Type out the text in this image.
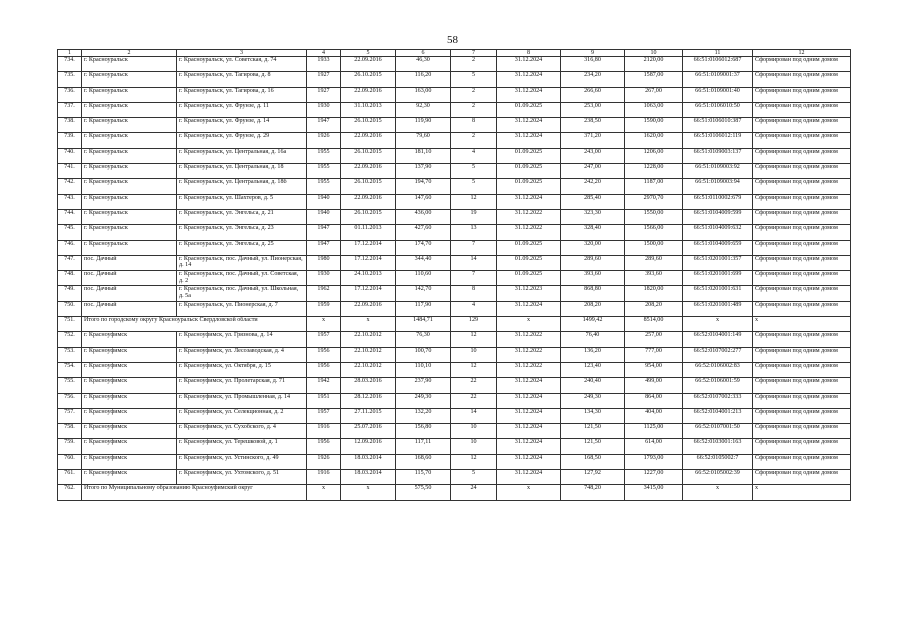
58
1	2	3	4	5	6	7	8	9	10	11	12
734.	г. Красноуральск	г. Красноуральск, ул. Советская, д. 74	1933	22.09.2016	46,30	2	31.12.2024	316,80	2120,00	66:51:0106012:687	Сформирован под одним домом
735.	г. Красноуральск	г. Красноуральск, ул. Тагирова, д. 8	1927	26.10.2015	116,20	5	31.12.2024	234,20	1587,00	66:51:0109001:37	Сформирован под одним домом
736.	г. Красноуральск	г. Красноуральск, ул. Тагирова, д. 16	1927	22.09.2016	163,00	2	31.12.2024	266,60	267,00	66:51:0109001:40	Сформирован под одним домом
737.	г. Красноуральск	г. Красноуральск, ул. Фрунзе, д. 11	1930	31.10.2013	92,30	2	01.09.2025	253,00	1063,00	66:51:0106010:50	Сформирован под одним домом
738.	г. Красноуральск	г. Красноуральск, ул. Фрунзе, д. 14	1947	26.10.2015	119,90	8	31.12.2024	238,50	1590,00	66:51:0106010:387	Сформирован под одним домом
739.	г. Красноуральск	г. Красноуральск, ул. Фрунзе, д. 29	1926	22.09.2016	79,60	2	31.12.2024	371,20	1620,00	66:51:0106012:119	Сформирован под одним домом
740.	г. Красноуральск	г. Красноуральск, ул. Центральная, д. 16а	1955	26.10.2015	181,10	4	01.09.2025	243,00	1206,00	66:51:0109003:137	Сформирован под одним домом
741.	г. Красноуральск	г. Красноуральск, ул. Центральная, д. 18	1955	22.09.2016	137,90	5	01.09.2025	247,00	1228,00	66:51:0109003:92	Сформирован под одним домом
742.	г. Красноуральск	г. Красноуральск, ул. Центральная, д. 18б	1955	26.10.2015	194,70	5	01.09.2025	242,20	1187,00	66:51:0109003:94	Сформирован под одним домом
743.	г. Красноуральск	г. Красноуральск, ул. Шахтеров, д. 5	1940	22.09.2016	147,60	12	31.12.2024	285,40	2970,70	66:51:0110002:679	Сформирован под одним домом
744.	г. Красноуральск	г. Красноуральск, ул. Энгельса, д. 21	1940	26.10.2015	436,00	19	31.12.2022	323,30	1550,00	66:51:0104009:599	Сформирован под одним домом
745.	г. Красноуральск	г. Красноуральск, ул. Энгельса, д. 23	1947	01.11.2013	427,60	13	31.12.2022	328,40	1566,00	66:51:0104009:632	Сформирован под одним домом
746.	г. Красноуральск	г. Красноуральск, ул. Энгельса, д. 25	1947	17.12.2014	174,70	7	01.09.2025	320,00	1500,00	66:51:0104009:659	Сформирован под одним домом
747.	пос. Дачный	г. Красноуральск, пос. Дачный, ул. Пионерская, д. 14	1980	17.12.2014	344,40	14	01.09.2025	289,60	289,60	66:51:0201001:357	Сформирован под одним домом
748.	пос. Дачный	г. Красноуральск, пос. Дачный, ул. Советская, д. 2	1930	24.10.2013	110,60	7	01.09.2025	393,60	393,60	66:51:0201001:699	Сформирован под одним домом
749.	пос. Дачный	г. Красноуральск, пос. Дачный, ул. Школьная, д. 5а	1962	17.12.2014	142,70	8	31.12.2023	868,80	1820,00	66:51:0201001:631	Сформирован под одним домом
750.	пос. Дачный	г. Красноуральск, ул. Пионерская, д. 7	1959	22.09.2016	117,90	4	31.12.2024	208,20	208,20	66:51:0201001:489	Сформирован под одним домом
751.	Итого по городскому округу Красноуральск Свердловской области		x	x	1484,71	129	x	1499,42	8514,00	x	x
752.	г. Красноуфимск	г. Красноуфимск, ул. Грязнова, д. 14	1957	22.10.2012	76,30	12	31.12.2022	76,40	257,00	66:52:0104001:149	Сформирован под одним домом
753.	г. Красноуфимск	г. Красноуфимск, ул. Лесозаводская, д. 4	1956	22.10.2012	100,70	10	31.12.2022	136,20	777,00	66:52:0107002:277	Сформирован под одним домом
754.	г. Красноуфимск	г. Красноуфимск, ул. Октября, д. 15	1956	22.10.2012	110,10	12	31.12.2022	123,40	954,00	66:52:0106002:83	Сформирован под одним домом
755.	г. Красноуфимск	г. Красноуфимск, ул. Пролетарская, д. 71	1942	28.03.2016	237,90	22	31.12.2024	240,40	499,00	66:52:0106001:59	Сформирован под одним домом
756.	г. Красноуфимск	г. Красноуфимск, ул. Промышленная, д. 14	1951	28.12.2016	249,30	22	31.12.2024	249,30	864,00	66:52:0107002:333	Сформирован под одним домом
757.	г. Красноуфимск	г. Красноуфимск, ул. Селекционная, д. 2	1957	27.11.2015	132,20	14	31.12.2024	134,30	404,00	66:52:0104001:213	Сформирован под одним домом
758.	г. Красноуфимск	г. Красноуфимск, ул. Сухобского, д. 4	1916	25.07.2016	156,80	10	31.12.2024	121,50	1125,00	66:52:0107001:50	Сформирован под одним домом
759.	г. Красноуфимск	г. Красноуфимск, ул. Терешковой, д. 1	1956	12.09.2016	117,11	10	31.12.2024	121,50	614,00	66:52:0103001:163	Сформирован под одним домом
760.	г. Красноуфимск	г. Красноуфимск, ул. Устинского, д. 49	1926	18.03.2014	168,60	12	31.12.2024	168,50	1793,00	66:52:0105002:7	Сформирован под одним домом
761.	г. Красноуфимск	г. Красноуфимск, ул. Ухтомского, д. 51	1916	18.03.2014	115,70	5	31.12.2024	127,92	1227,00	66:52:0105002:39	Сформирован под одним домом
762.	Итого по Муниципальному образованию Красноуфимский округ		x	x	575,50	24	x	748,20	3415,00	x	x
